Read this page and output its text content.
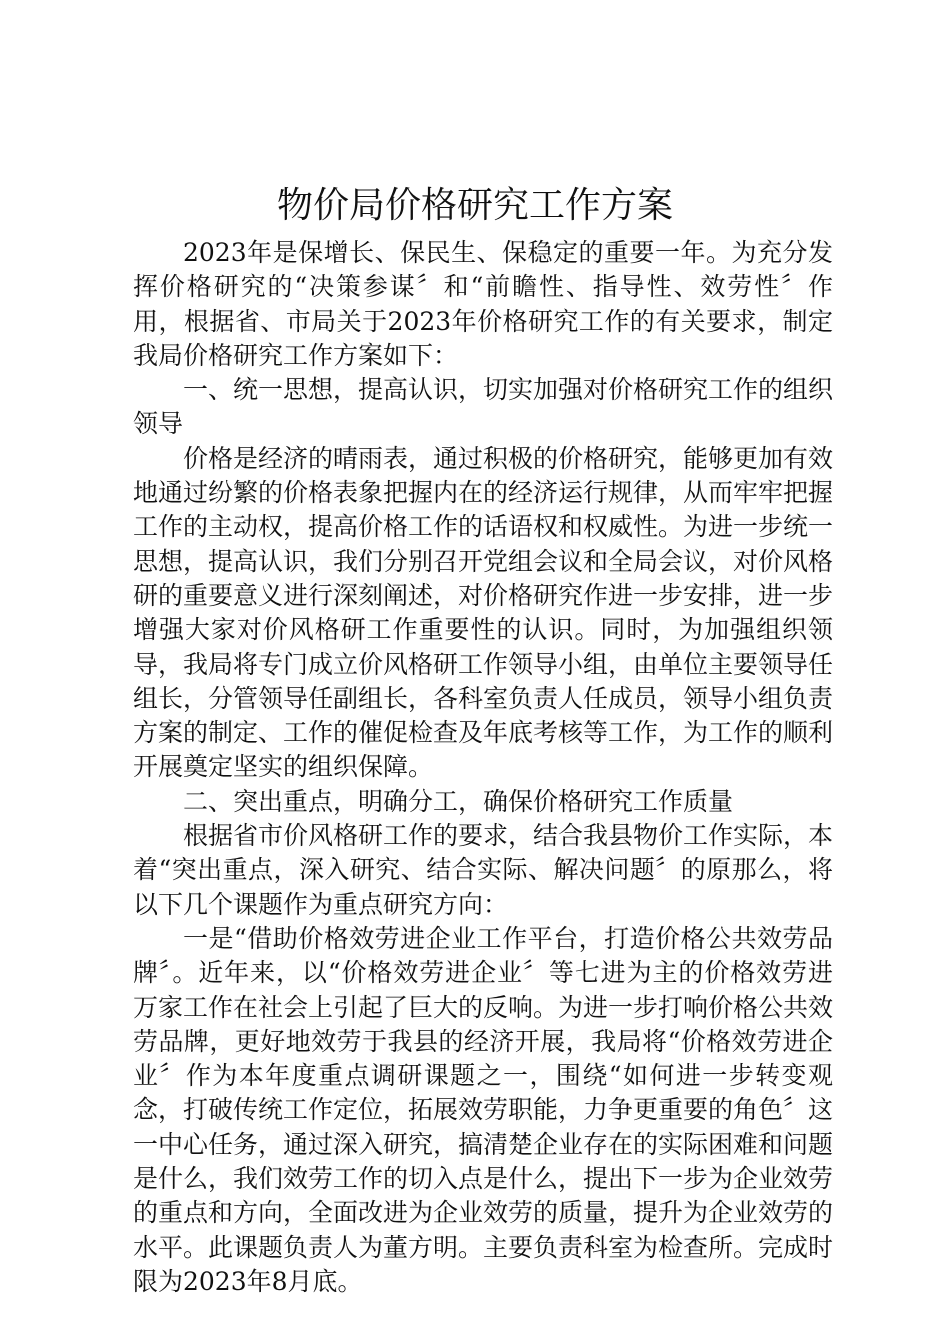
物价局价格研究工作方案

2023年是保增长、保民生、保稳定的重要一年。为充分发挥价格研究的“决策参谋〞和“前瞻性、指导性、效劳性〞作用，根据省、市局关于2023年价格研究工作的有关要求，制定我局价格研究工作方案如下：

一、统一思想，提高认识，切实加强对价格研究工作的组织领导

价格是经济的晴雨表，通过积极的价格研究，能够更加有效地通过纷繁的价格表象把握内在的经济运行规律，从而牢牢把握工作的主动权，提高价格工作的话语权和权威性。为进一步统一思想，提高认识，我们分别召开党组会议和全局会议，对价风格研的重要意义进行深刻阐述，对价格研究作进一步安排，进一步增强大家对价风格研工作重要性的认识。同时，为加强组织领导，我局将专门成立价风格研工作领导小组，由单位主要领导任组长，分管领导任副组长，各科室负责人任成员，领导小组负责方案的制定、工作的催促检查及年底考核等工作，为工作的顺利开展奠定坚实的组织保障。

二、突出重点，明确分工，确保价格研究工作质量

根据省市价风格研工作的要求，结合我县物价工作实际，本着“突出重点，深入研究、结合实际、解决问题〞的原那么，将以下几个课题作为重点研究方向：

一是“借助价格效劳进企业工作平台，打造价格公共效劳品牌〞。近年来，以“价格效劳进企业〞等七进为主的价格效劳进万家工作在社会上引起了巨大的反响。为进一步打响价格公共效劳品牌，更好地效劳于我县的经济开展，我局将“价格效劳进企业〞作为本年度重点调研课题之一，围绕“如何进一步转变观念，打破传统工作定位，拓展效劳职能，力争更重要的角色〞这一中心任务，通过深入研究，搞清楚企业存在的实际困难和问题是什么，我们效劳工作的切入点是什么，提出下一步为企业效劳的重点和方向，全面改进为企业效劳的质量，提升为企业效劳的水平。此课题负责人为董方明。主要负责科室为检查所。完成时限为2023年8月底。
